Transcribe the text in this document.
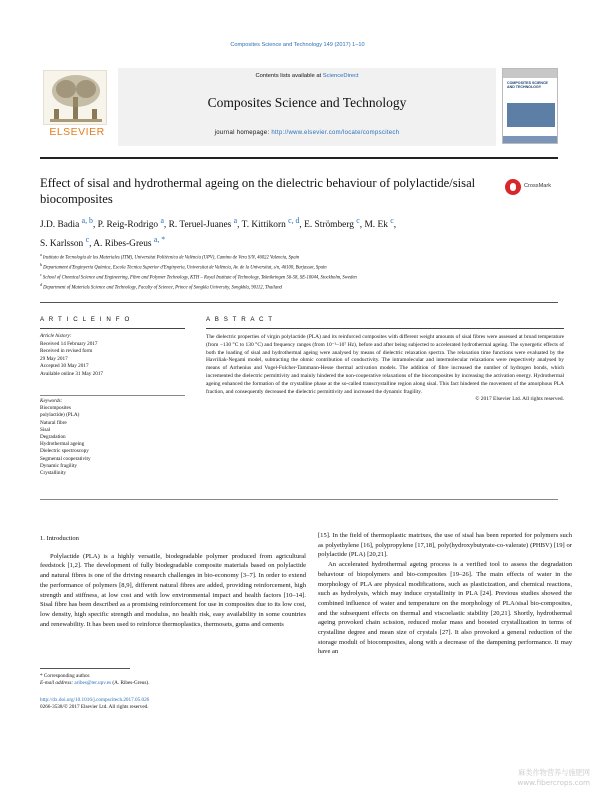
Composites Science and Technology 149 (2017) 1–10
ELSEVIER
Contents lists available at ScienceDirect
Composites Science and Technology
journal homepage: http://www.elsevier.com/locate/compscitech
COMPOSITES SCIENCE AND TECHNOLOGY
Effect of sisal and hydrothermal ageing on the dielectric behaviour of polylactide/sisal biocomposites
CrossMark
J.D. Badia $^{a, b}$, P. Reig-Rodrigo $^a$, R. Teruel-Juanes $^a$, T. Kittikorn $^{c, d}$, E. Strömberg $^c$, M. Ek $^c$,
S. Karlsson $^c$, A. Ribes-Greus $^{a, *}$
$^a$ Instituto de Tecnología de los Materiales (ITM), Universitat Politècnica de València (UPV), Camino de Vera S/N, 46022 Valencia, Spain
$^b$ Departament d'Enginyeria Química, Escola Tècnica Superior d'Enginyeria, Universitat de València, Av. de la Universitat, s/n, 46100, Burjassot, Spain
$^c$ School of Chemical Science and Engineering, Fibre and Polymer Technology, KTH – Royal Institute of Technology, Teknikringen 56-58, SE-10044, Stockholm, Sweden
$^d$ Department of Materials Science and Technology, Faculty of Science, Prince of Songkla University, Songkhla, 90112, Thailand
A R T I C L E I N F O	A B S T R A C T
Article history:
Received 14 February 2017
Received in revised form
29 May 2017
Accepted 30 May 2017
Available online 31 May 2017
Keywords:
Biocomposites
polylactide) (PLA)
Natural fibre
Sisal
Degradation
Hydrothermal ageing
Dielectric spectroscopy
Segmental cooperativity
Dynamic fragility
Crystallinity

The dielectric properties of virgin polylactide (PLA) and its reinforced composites with different weight amounts of sisal fibres were assessed at broad temperature (from −130 °C to 130 °C) and frequency ranges (from 10⁻²–10⁷ Hz), before and after being subjected to accelerated hydrothermal ageing. The synergetic effects of both the loading of sisal and hydrothermal ageing were analysed by means of dielectric relaxation spectra. The relaxation time functions were evaluated by the Havriliak-Negami model, subtracting the ohmic contribution of conductivity. The intramolecular and intermolecular relaxations were respectively analysed by means of Arrhenius and Vogel-Fulcher-Tammann-Hesse thermal activation models. The addition of fibre increased the number of hydrogen bonds, which incremented the dielectric permittivity and mainly hindered the non-cooperative relaxations of the biocomposites by increasing the activation energy. Hydrothermal ageing enhanced the formation of the crystalline phase at the so-called transcrystalline region along sisal. This fact hindered the movement of the amorphous PLA fraction, and consequently decreased the dielectric permittivity and increased the dynamic fragility.

© 2017 Elsevier Ltd. All rights reserved.

1. Introduction

Polylactide (PLA) is a highly versatile, biodegradable polymer produced from agricultural feedstock [1,2]. The development of fully biodegradable composite materials based on polylactide and natural fibres is one of the driving research challenges in bio-economy [3–7]. In order to extend the performance of polymers [8,9], different natural fibres are added, providing reinforcement, high strength and stiffness, at low cost and with low environmental impact and health factors [10–14]. Sisal fibre has been described as a promising reinforcement for use in composites due to its low cost, low density, high specific strength and modulus, no health risk, easy availability in some countries and renewability. It has been used to reinforce thermoplastics, thermosets, gums and cements

[15]. In the field of thermoplastic matrixes, the use of sisal has been reported for polymers such as polyethylene [16], polypropylene [17,18], poly(hydroxybutyrate-co-valerate) (PHBV) [19] or polylactide (PLA) [20,21].

An accelerated hydrothermal ageing process is a verified tool to assess the degradation behaviour of biopolymers and bio-composites [19–26]. The main effects of water in the morphology of PLA are physical modifications, such as plasticization, and chemical reactions, such as hydrolysis, which may induce crystallinity in PLA [24]. Previous studies showed the combined influence of water and temperature on the morphology of PLA/sisal bio-composites, and the subsequent effects on thermal and viscoelastic stability [20,21]. Shortly, hydrothermal ageing provoked chain scission, reduced molar mass and boosted crystallization in terms of crystalline degree and mean size of crystals [27]. It also provoked a general reduction of the storage moduli of biocomposites, along with a decrease of the dampening performance. It may have an

* Corresponding author.
E-mail address: aribes@ter.upv.es (A. Ribes-Greus).
http://dx.doi.org/10.1016/j.compscitech.2017.05.026
0266-3538/© 2017 Elsevier Ltd. All rights reserved.
麻类作物营养与施肥网
www.fibercrops.com
